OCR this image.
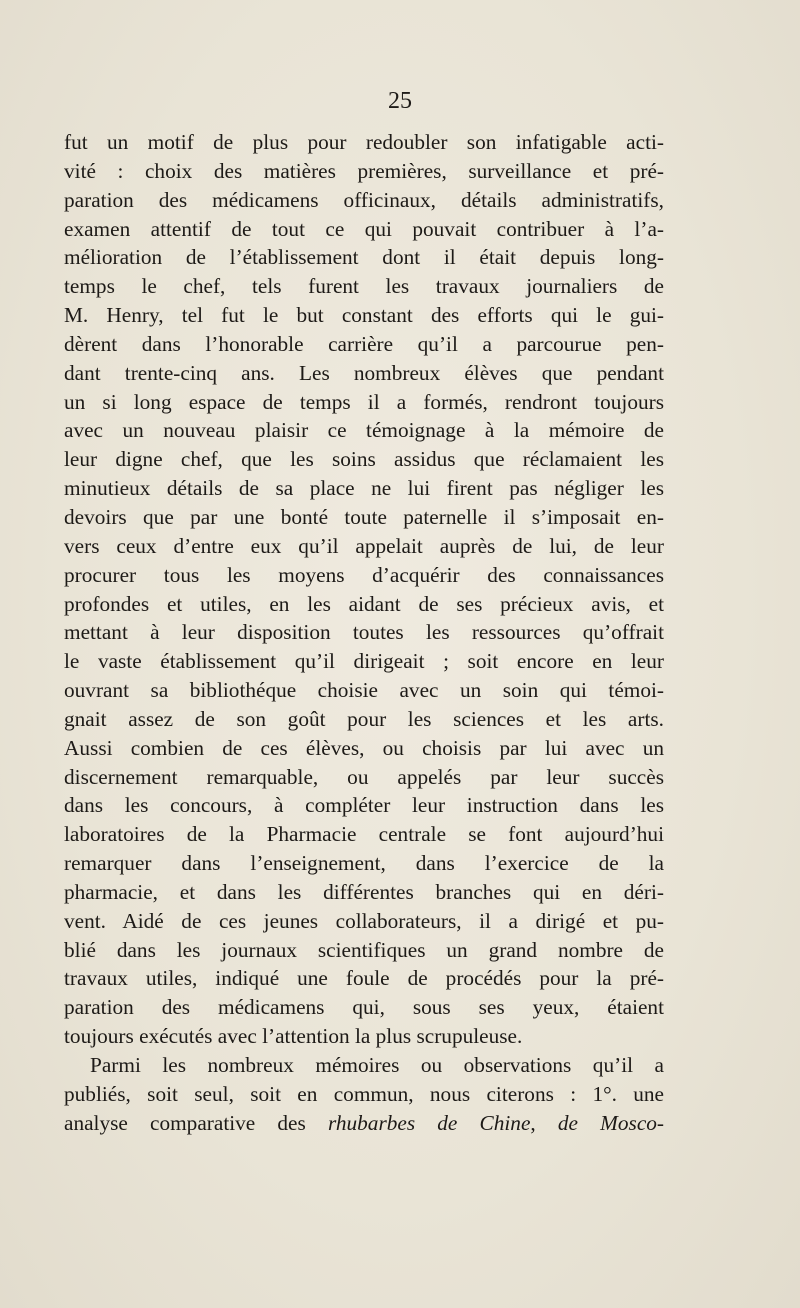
25
fut un motif de plus pour redoubler son infatigable acti-
vité : choix des matières premières, surveillance et pré-
paration des médicamens officinaux, détails administratifs,
examen attentif de tout ce qui pouvait contribuer à l’a-
mélioration de l’établissement dont il était depuis long-
temps le chef, tels furent les travaux journaliers de
M. Henry, tel fut le but constant des efforts qui le gui-
dèrent dans l’honorable carrière qu’il a parcourue pen-
dant trente-cinq ans. Les nombreux élèves que pendant
un si long espace de temps il a formés, rendront toujours
avec un nouveau plaisir ce témoignage à la mémoire de
leur digne chef, que les soins assidus que réclamaient les
minutieux détails de sa place ne lui firent pas négliger les
devoirs que par une bonté toute paternelle il s’imposait en-
vers ceux d’entre eux qu’il appelait auprès de lui, de leur
procurer tous les moyens d’acquérir des connaissances
profondes et utiles, en les aidant de ses précieux avis, et
mettant à leur disposition toutes les ressources qu’offrait
le vaste établissement qu’il dirigeait ; soit encore en leur
ouvrant sa bibliothéque choisie avec un soin qui témoi-
gnait assez de son goût pour les sciences et les arts.
Aussi combien de ces élèves, ou choisis par lui avec un
discernement remarquable, ou appelés par leur succès
dans les concours, à compléter leur instruction dans les
laboratoires de la Pharmacie centrale se font aujourd’hui
remarquer dans l’enseignement, dans l’exercice de la
pharmacie, et dans les différentes branches qui en déri-
vent. Aidé de ces jeunes collaborateurs, il a dirigé et pu-
blié dans les journaux scientifiques un grand nombre de
travaux utiles, indiqué une foule de procédés pour la pré-
paration des médicamens qui, sous ses yeux, étaient
toujours exécutés avec l’attention la plus scrupuleuse.
Parmi les nombreux mémoires ou observations qu’il a
publiés, soit seul, soit en commun, nous citerons : 1°. une
analyse comparative des rhubarbes de Chine, de Mosco-
